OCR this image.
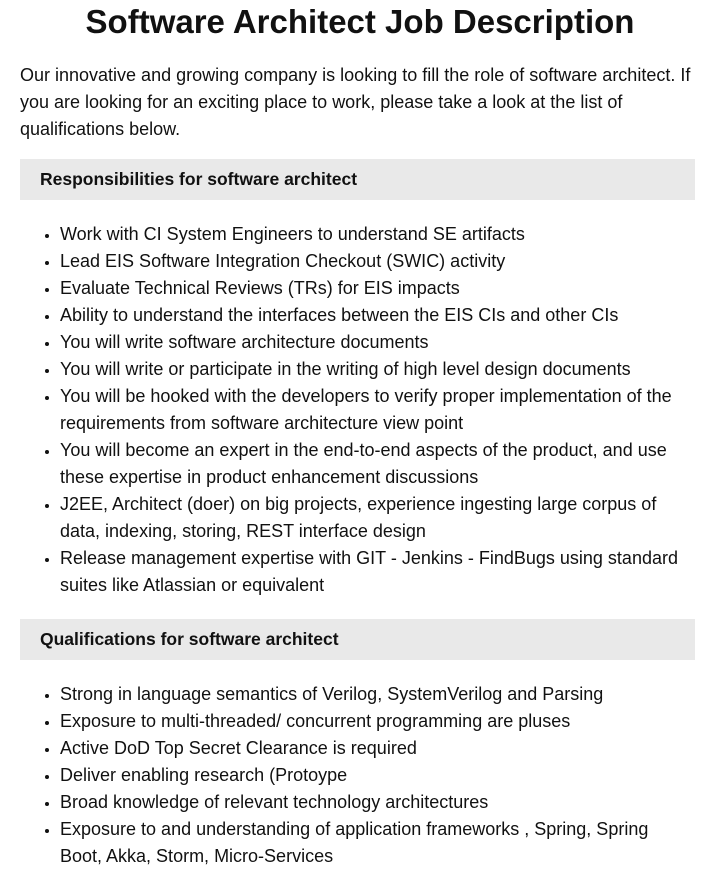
Software Architect Job Description

Our innovative and growing company is looking to fill the role of software architect. If you are looking for an exciting place to work, please take a look at the list of qualifications below.

Responsibilities for software architect
• Work with CI System Engineers to understand SE artifacts
• Lead EIS Software Integration Checkout (SWIC) activity
• Evaluate Technical Reviews (TRs) for EIS impacts
• Ability to understand the interfaces between the EIS CIs and other CIs
• You will write software architecture documents
• You will write or participate in the writing of high level design documents
• You will be hooked with the developers to verify proper implementation of the requirements from software architecture view point
• You will become an expert in the end-to-end aspects of the product, and use these expertise in product enhancement discussions
• J2EE, Architect (doer) on big projects, experience ingesting large corpus of data, indexing, storing, REST interface design
• Release management expertise with GIT - Jenkins - FindBugs using standard suites like Atlassian or equivalent
Qualifications for software architect
• Strong in language semantics of Verilog, SystemVerilog and Parsing
• Exposure to multi-threaded/ concurrent programming are pluses
• Active DoD Top Secret Clearance is required
• Deliver enabling research (Protoype
• Broad knowledge of relevant technology architectures
• Exposure to and understanding of application frameworks , Spring, Spring Boot, Akka, Storm, Micro-Services
